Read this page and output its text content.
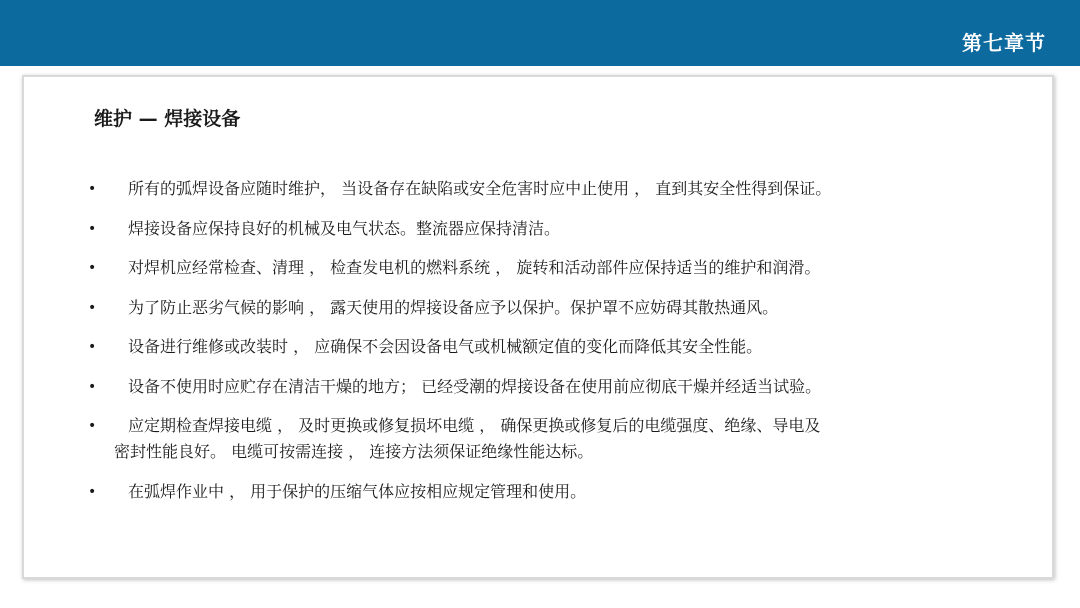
第七章节
维护 — 焊接设备
•	所有的弧焊设备应随时维护， 当设备存在缺陷或安全危害时应中止使用 ， 直到其安全性得到保证。
•	焊接设备应保持良好的机械及电气状态。整流器应保持清洁。
•	对焊机应经常检查、清理 ， 检查发电机的燃料系统 ， 旋转和活动部件应保持适当的维护和润滑。
•	为了防止恶劣气候的影响 ， 露天使用的焊接设备应予以保护。保护罩不应妨碍其散热通风。
•	设备进行维修或改装时 ， 应确保不会因设备电气或机械额定值的变化而降低其安全性能。
•	设备不使用时应贮存在清洁干燥的地方； 已经受潮的焊接设备在使用前应彻底干燥并经适当试验。
•	应定期检查焊接电缆 ， 及时更换或修复损坏电缆 ， 确保更换或修复后的电缆强度、绝缘、导电及
密封性能良好。 电缆可按需连接 ， 连接方法须保证绝缘性能达标。
•	在弧焊作业中 ， 用于保护的压缩气体应按相应规定管理和使用。
